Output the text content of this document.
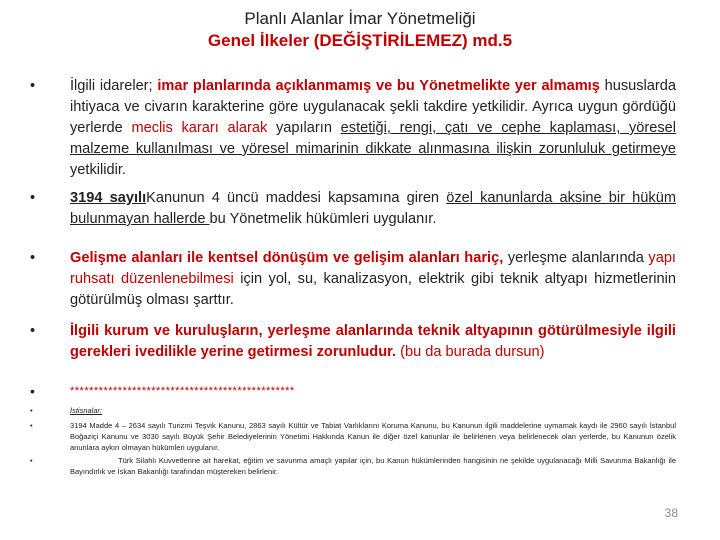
Planlı Alanlar İmar Yönetmeliği
Genel İlkeler (DEĞİŞTİRİLEMEZ) md.5
• İlgili idareler; imar planlarında açıklanmamış ve bu Yönetmelikte yer almamış hususlarda ihtiyaca ve civarın karakterine göre uygulanacak şekli takdire yetkilidir. Ayrıca uygun gördüğü yerlerde meclis kararı alarak yapıların estetiği, rengi, çatı ve cephe kaplaması, yöresel malzeme kullanılması ve yöresel mimarinin dikkate alınmasına ilişkin zorunluluk getirmeye yetkilidir.
• 3194 sayılıKanunun 4 üncü maddesi kapsamına giren özel kanunlarda aksine bir hüküm bulunmayan hallerde bu Yönetmelik hükümleri uygulanır.
• Gelişme alanları ile kentsel dönüşüm ve gelişim alanları hariç, yerleşme alanlarında yapı ruhsatı düzenlenebilmesi için yol, su, kanalizasyon, elektrik gibi teknik altyapı hizmetlerinin götürülmüş olması şarttır.
• İlgili kurum ve kuruluşların, yerleşme alanlarında teknik altyapının götürülmesiyle ilgili gerekleri ivedilikle yerine getirmesi zorunludur. (bu da burada dursun)
•	***********************************************
•	İstisnalar:
•	3194 Madde 4 – 2634 sayılı Turizmi Teşvik Kanunu, 2863 sayılı Kültür ve Tabiat Varlıklarını Koruma Kanunu, bu Kanunun ilgili maddelerine uymamak kaydı ile 2960 sayılı İstanbul Boğaziçi Kanunu ve 3030 sayılı Büyük Şehir Belediyelerinin Yönetimi Hakkında Kanun ile diğer özel kanunlar ile belirlenen veya belirlenecek olan yerlerde, bu Kanunun özelik anunlara aykırı olmayan hükümleri uygulanır.
•	Türk Silahlı Kuvvetlerine ait harekat, eğitim ve savunma amaçlı yapılar için, bu Kanun hükümlerinden hangisinin ne şekilde uygulanacağı Milli Savunma Bakanlığı ile Bayındırlık ve İskan Bakanlığı tarafından müştereken belirlenir.
38
